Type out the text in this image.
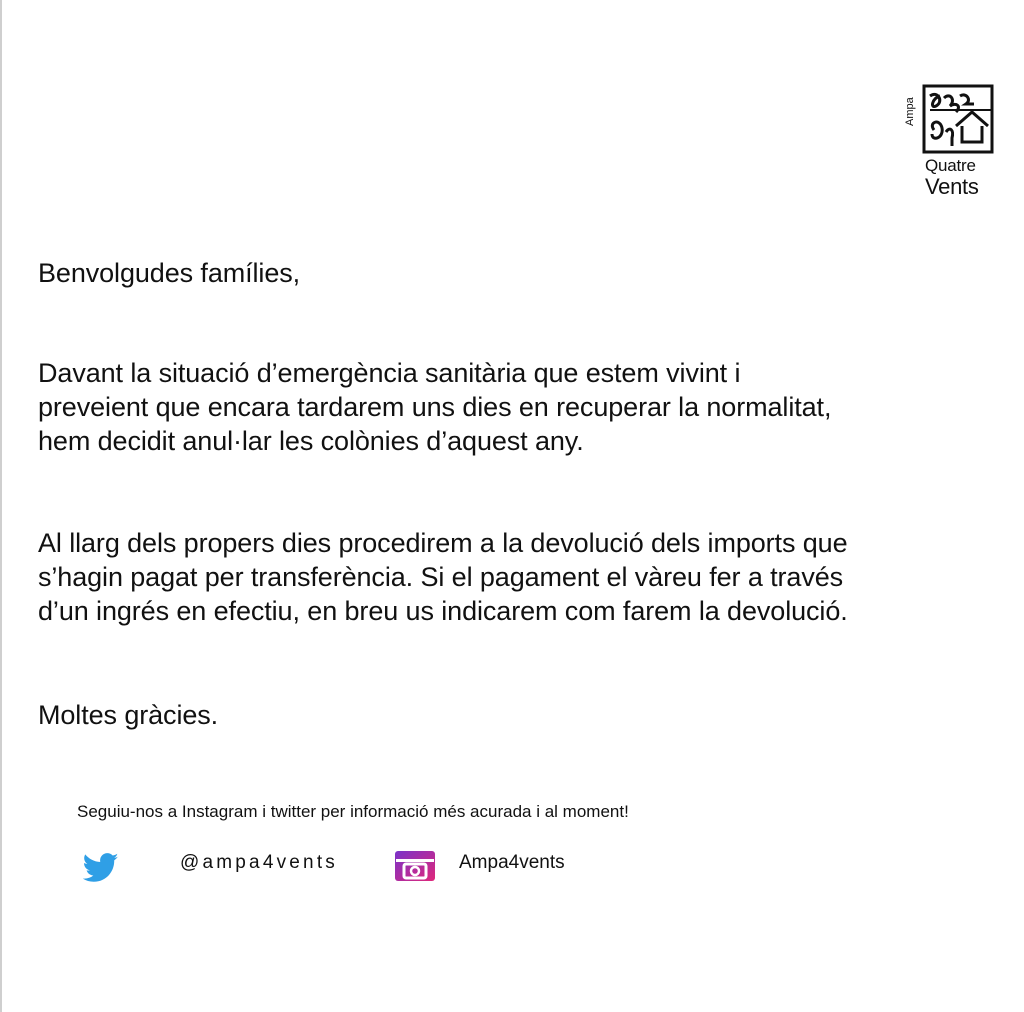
Ampa
Quatre
Vents
Benvolgudes famílies,
Davant la situació d’emergència sanitària que estem vivint i
preveient que encara tardarem uns dies en recuperar la normalitat,
hem decidit anul·lar les colònies d’aquest any.
Al llarg dels propers dies procedirem a la devolució dels imports que
s’hagin pagat per transferència. Si el pagament el vàreu fer a través
d’un ingrés en efectiu, en breu us indicarem com farem la devolució.
Moltes gràcies.
Seguiu-nos a Instagram i twitter per informació més acurada i al moment!
@ampa4vents	Ampa4vents
